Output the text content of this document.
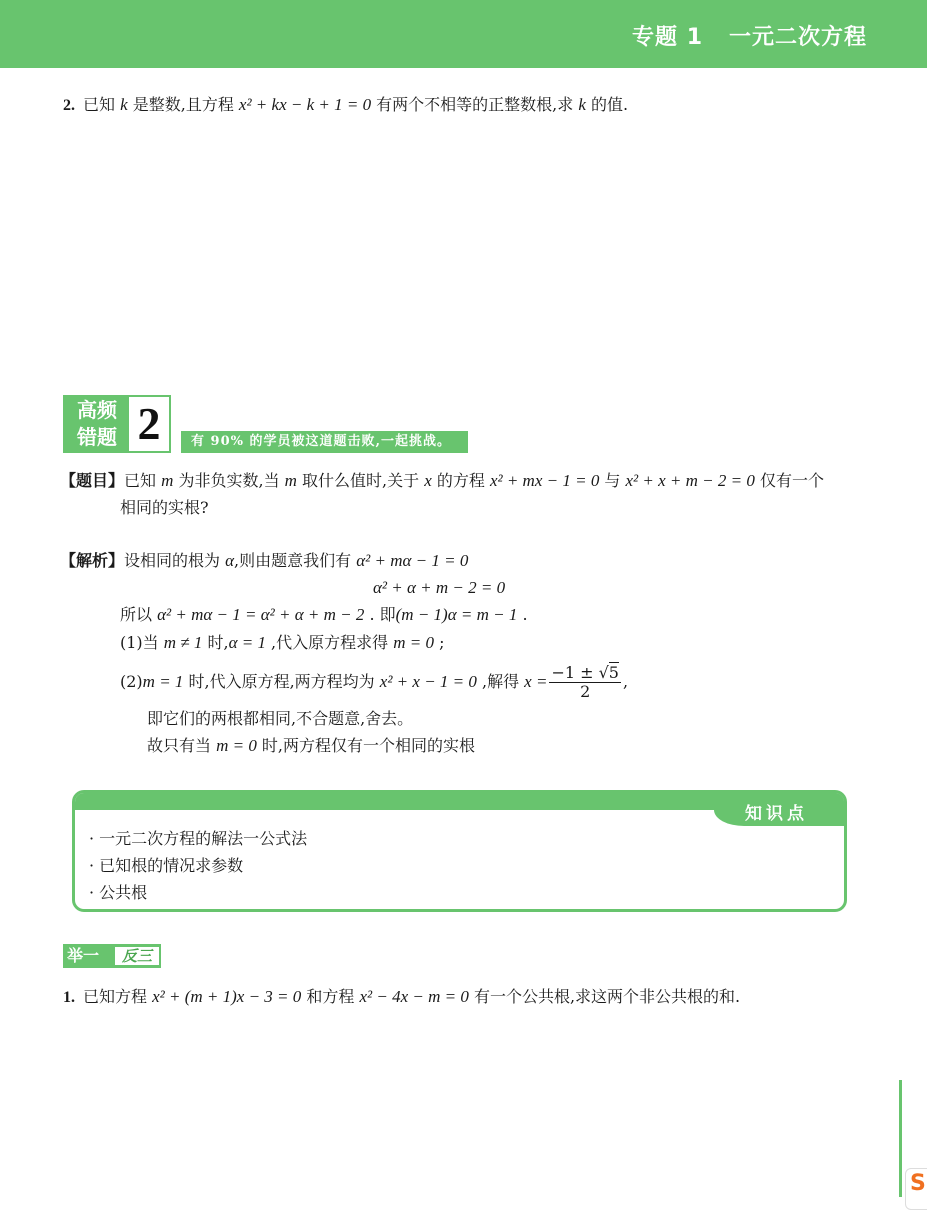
专题 1   一元二次方程
2. 已知 k 是整数,且方程 x² + kx − k + 1 = 0 有两个不相等的正整数根,求 k 的值.
高频
错题 2	有 90% 的学员被这道题击败,一起挑战。
【题目】已知 m 为非负实数,当 m 取什么值时,关于 x 的方程 x² + mx − 1 = 0 与 x² + x + m − 2 = 0 仅有一个
相同的实根?
【解析】设相同的根为 α,则由题意我们有 α² + mα − 1 = 0
α² + α + m − 2 = 0
所以 α² + mα − 1 = α² + α + m − 2 . 即(m − 1)α = m − 1 .
(1)当 m ≠ 1 时,α = 1 ,代入原方程求得 m = 0 ;
(2)m = 1 时,代入原方程,两方程均为 x² + x − 1 = 0 ,解得 $x = \frac{-1 \pm √5}{2}$ ,
即它们的两根都相同,不合题意,舍去。
故只有当 m = 0 时,两方程仅有一个相同的实根
知识点
· 一元二次方程的解法一公式法
· 已知根的情况求参数
· 公共根
举一	反三
1. 已知方程 x² + (m + 1)x − 3 = 0 和方程 x² − 4x − m = 0 有一个公共根,求这两个非公共根的和.
S
